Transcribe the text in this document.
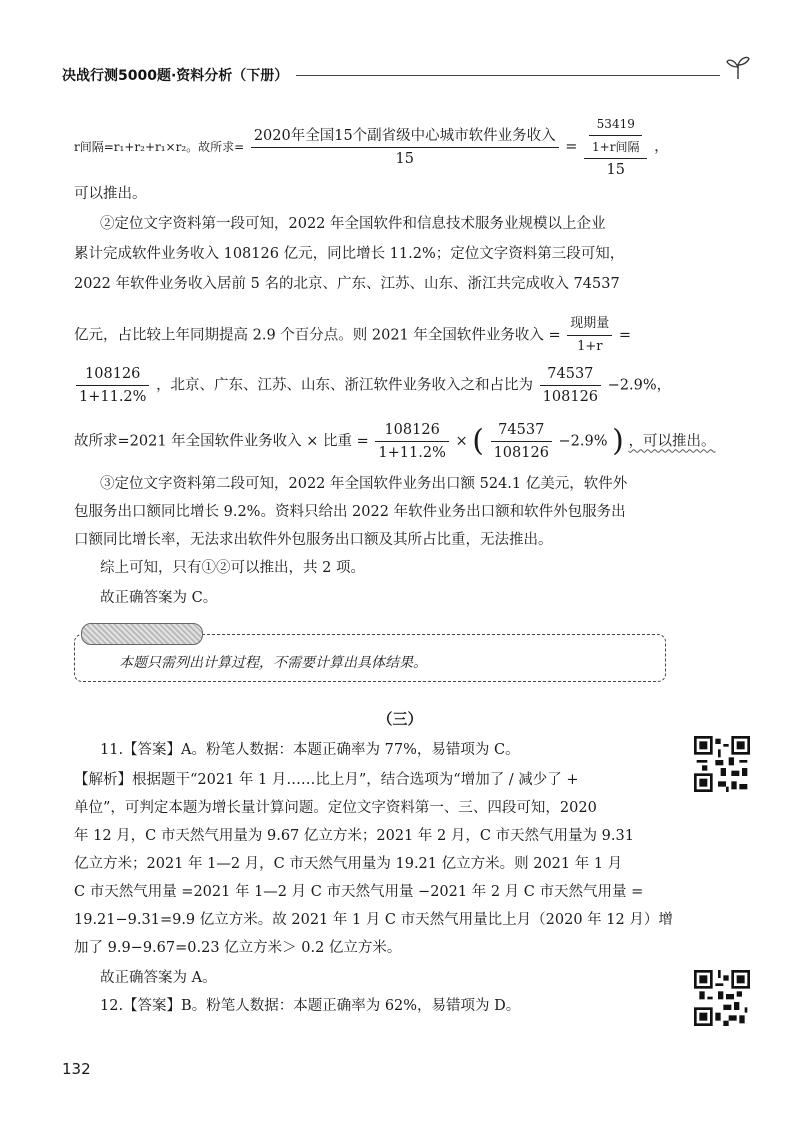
决战行测5000题·资料分析（下册）
r间隔=r₁+r₂+r₁×r₂。故所求= $\frac{\text{2020年全国15个副省级中心城市软件业务收入}}{15} = \frac{\frac{53419}{\text{1+r间隔}}}{15}$ ，
可以推出。
②定位文字资料第一段可知，2022 年全国软件和信息技术服务业规模以上企业
累计完成软件业务收入 108126 亿元，同比增长 11.2%；定位文字资料第三段可知，
2022 年软件业务收入居前 5 名的北京、广东、江苏、山东、浙江共完成收入 74537
亿元，占比较上年同期提高 2.9 个百分点。则 2021 年全国软件业务收入 = $\frac{\text{现期量}}{1+r}$ =
$\frac{108126}{1+11.2\%}$ ，北京、广东、江苏、山东、浙江软件业务收入之和占比为 $\frac{74537}{108126} -2.9\%$，
故所求=2021 年全国软件业务收入 × 比重 = $\frac{108126}{1+11.2\%}$ × ( $\frac{74537}{108126} -2.9\%$ ) ，可以推出。
③定位文字资料第二段可知，2022 年全国软件业务出口额 524.1 亿美元，软件外
包服务出口额同比增长 9.2%。资料只给出 2022 年软件业务出口额和软件外包服务出
口额同比增长率，无法求出软件外包服务出口额及其所占比重，无法推出。
综上可知，只有①②可以推出，共 2 项。
故正确答案为 C。
本题只需列出计算过程，不需要计算出具体结果。
（三）
11.【答案】A。粉笔人数据：本题正确率为 77%，易错项为 C。
【解析】根据题干“2021 年 1 月……比上月”，结合选项为“增加了 / 减少了 +
单位”，可判定本题为增长量计算问题。定位文字资料第一、三、四段可知，2020
年 12 月，C 市天然气用量为 9.67 亿立方米；2021 年 2 月，C 市天然气用量为 9.31
亿立方米；2021 年 1—2 月，C 市天然气用量为 19.21 亿立方米。则 2021 年 1 月
C 市天然气用量 =2021 年 1—2 月 C 市天然气用量 −2021 年 2 月 C 市天然气用量 =
19.21−9.31=9.9 亿立方米。故 2021 年 1 月 C 市天然气用量比上月（2020 年 12 月）增
加了 9.9−9.67=0.23 亿立方米＞ 0.2 亿立方米。
故正确答案为 A。
12.【答案】B。粉笔人数据：本题正确率为 62%，易错项为 D。
132
